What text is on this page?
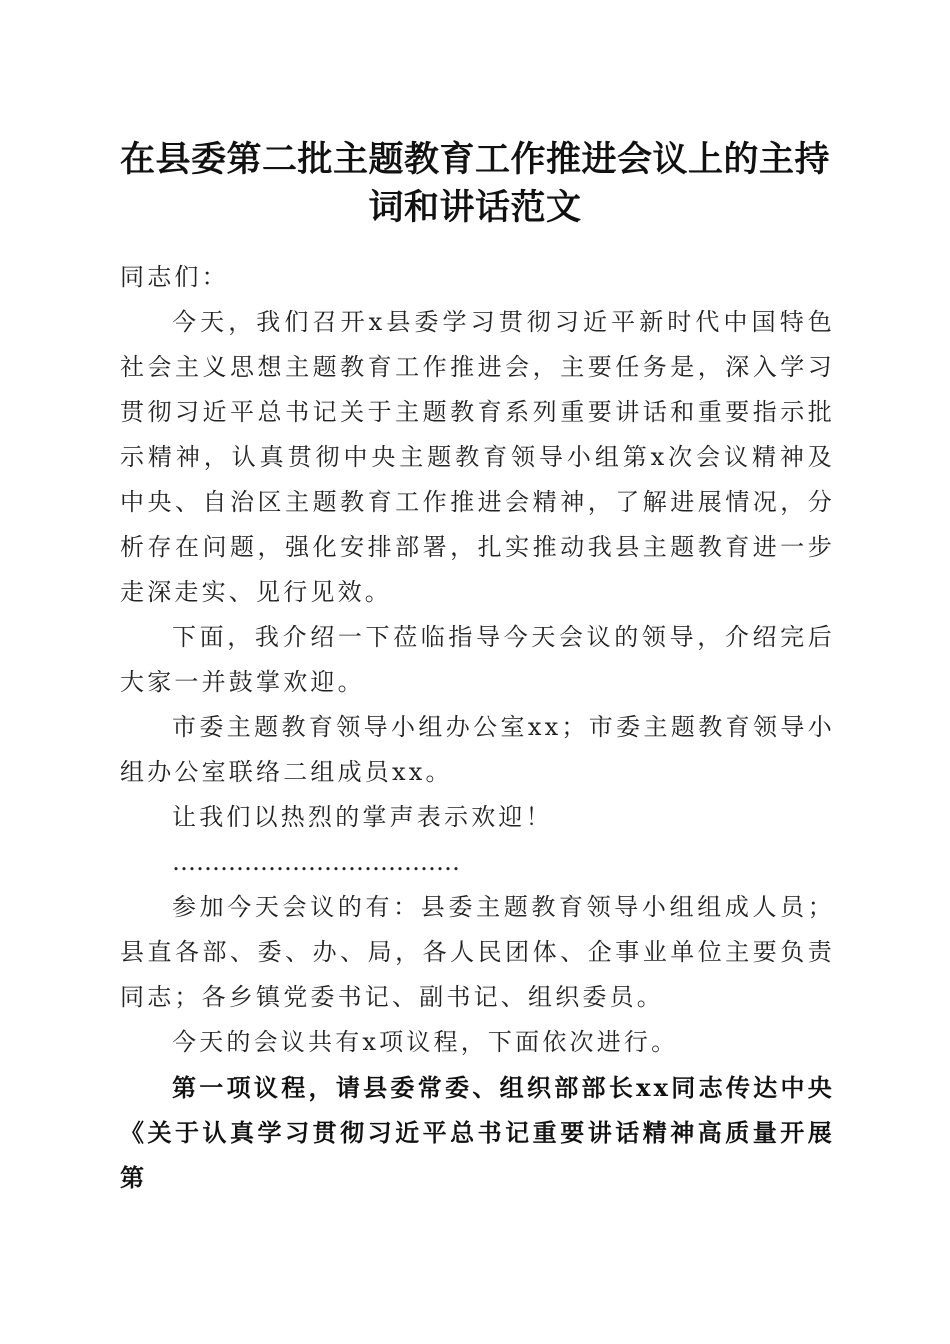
在县委第二批主题教育工作推进会议上的主持
词和讲话范文

同志们：

今天，我们召开x县委学习贯彻习近平新时代中国特色社会主义思想主题教育工作推进会，主要任务是，深入学习贯彻习近平总书记关于主题教育系列重要讲话和重要指示批示精神，认真贯彻中央主题教育领导小组第x次会议精神及中央、自治区主题教育工作推进会精神，了解进展情况，分析存在问题，强化安排部署，扎实推动我县主题教育进一步走深走实、见行见效。

下面，我介绍一下莅临指导今天会议的领导，介绍完后大家一并鼓掌欢迎。

市委主题教育领导小组办公室xx；市委主题教育领导小组办公室联络二组成员xx。

让我们以热烈的掌声表示欢迎！

………………………………

参加今天会议的有：县委主题教育领导小组组成人员；县直各部、委、办、局，各人民团体、企事业单位主要负责同志；各乡镇党委书记、副书记、组织委员。

今天的会议共有x项议程，下面依次进行。

第一项议程，请县委常委、组织部部长xx同志传达中央《关于认真学习贯彻习近平总书记重要讲话精神高质量开展第
